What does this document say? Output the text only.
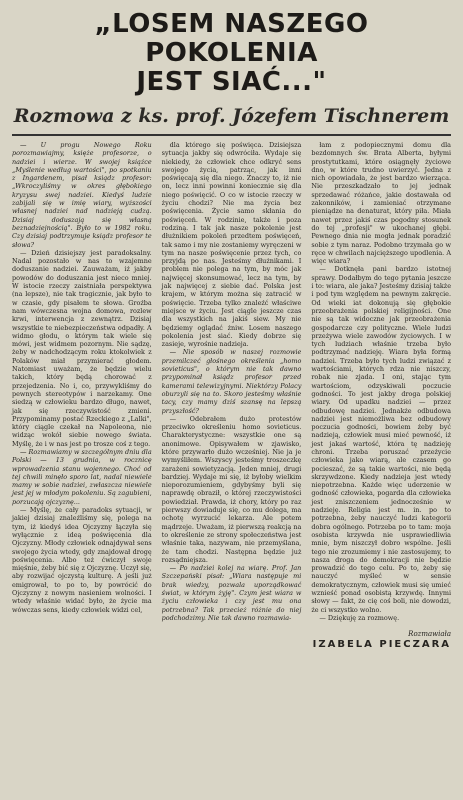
„LOSEM NASZEGO POKOLENIA
JEST SIAĆ..."
Rozmowa z ks. prof. Józefem Tischnerem

— U progu Nowego Roku porozmawiajmy, księże profesorze, o nadziei i wierze. W swojej książce „Myślenie według wartości", po spotkaniu z Ingardenem, pisał ksiądz profesor: „Wkroczyliśmy w okres głębokiego kryzysu swej nadziei. Kiedyś ludzie zabijali się w imię wiary, wyższości własnej nadziei nad nadzieją cudzą. Dzisiaj doduszają się własną beznadziejnością". Było to w 1982 roku. Czy dzisiaj podtrzymuje ksiądz profesor te słowa?

— Dzień dzisiejszy jest paradoksalny. Nadal pozostało w nas to wzajemne doduszanie nadziei. Zauważam, iż jakby powodów do doduszania jest nieco mniej. W istocie rzeczy zaistniała perspektywa (na lepsze), nie tak tragicznie, jak było to w czasie, gdy pisałem te słowa. Groźba nam wówczesna wojna domowa, rozlew krwi, interwencja z zewnątrz. Dzisiaj wszystkie te niebezpieczeństwa odpadły. A widmo głodu, o którym tak wiele się mówi, jest widmem pozornym. Nie sądzę, żeby w nadchodzącym roku ktokolwiek z Polaków miał przymierać głodem. Natomiast uważam, że będzie wielu takich, który będą chorować z przejedzenia. No i, co, przywykliśmy do pewnych stereotypów i narzekamy. One siedzą w człowieku bardzo długo, nawet, jak się rzeczywistość zmieni. Przypominamy postać Rzeckiego z „Lalki", który ciągle czekał na Napoleona, nie widząc wokół siebie nowego świata. Myślę, że i w nas jest po trosze coś z tego.

— Rozmawiamy w szczególnym dniu dla Polski — 13 grudnia, w rocznicę wprowadzenia stanu wojennego. Choć od tej chwili minęło sporo lat, nadal niewiele mamy w sobie nadziei, zwłaszcza niewiele jest jej w młodym pokoleniu. Są zagubieni, porzucają ojczyznę...

— Myślę, że cały paradoks sytuacji, w jakiej dzisiaj znaleźliśmy się, polega na tym, iż kiedyś idea Ojczyzny łączyła się wyłącznie z ideą poświęcenia dla Ojczyzny. Młody człowiek odnajdywał sens swojego życia wtedy, gdy znajdował drogę poświęcenia. Albo też ćwiczył swoje mięśnie, żeby bić się z Ojczyznę. Uczył się, aby rozwijać ojczystą kulturę. A jeśli już emigrował, to po to, by powrócić do Ojczyzny z nowym nasieniem wolności. I wtedy właśnie widać było, że życie ma wówczas sens, kiedy człowiek widzi cel,

dla którego się poświęca. Dzisiejsza sytuacja jakby się odwróciła. Wydaje się niekiedy, że człowiek chce odkryć sens swojego życia, patrząc, jak inni poświęcają się dla niego. Znaczy to, iż nie on, lecz inni powinni koniecznie się dla niego poświęcić. O co w istocie rzeczy w życiu chodzi? Nie ma życia bez poświęcenia. Życie samo skłania do poświęceń. W rodzinie, także i poza rodziną. I tak jak nasze pokolenie jest dłużnikiem pokoleń przedtem poświęceń, tak samo i my nie zostaniemy wyręczeni w tym na nasze poświęcenie przez tych, co przyjdą po nas. Jesteśmy dłużnikami. I problem nie polega na tym, by móc jak najwięcej skonsumować, lecz na tym, by jak najwięcej z siebie dać. Polska jest krajem, w którym można się zatracić w poświęcie. Trzeba tylko znaleźć właściwe miejsce w życiu. Jest ciągle jeszcze czas dla wszystkich na jakiś siew. My nie będziemy oglądać żniw. Losem naszego pokolenia jest siać. Kiedy dobrze się zasieje, wyrośnie nadzieja.

— Nie sposób w naszej rozmowie przemilczeć głośnego określenia „homo sovieticus", o którym nie tak dawno przypominał ksiądz profesor przed kamerami telewizyjnymi. Niektórzy Polacy oburzyli się na to. Skoro jesteśmy właśnie tacy, czy mamy dziś szansę na lepszą przyszłość?

— Odebrałem dużo protestów przeciwko określeniu homo sovieticus. Charakterystyczne: wszystkie one są anonimowe. Opisywałem w zjawisko, które przywarło dużo wcześniej. Nie ja je wymyśliłem. Wszyscy jesteśmy troszeczkę zarażeni sowietyzacją. Jeden mniej, drugi bardziej. Wydaje mi się, iż byłoby wielkim nieporozumieniem, gdybyśmy byli się naprawdę obraził, o której rzeczywistości powiedział. Prawda, iż chory, który po raz pierwszy dowiaduje się, co mu dolega, ma ochotę wyrzucić lekarza. Ale potem mądrzeje. Uważam, iż pierwszą reakcją na to określenie ze strony społeczeństwa jest właśnie taka, nazywam, nie przemyślana, że tam chodzi. Następna będzie już rozsądniejsza.

— Po nadziei kolej na wiarę. Prof. Jan Szczepański pisał: „Wiara następuje mi brak wiedzy, pozwala uporządkować świat, w którym żyję". Czym jest wiara w życiu człowieka i czy jest mu ona potrzebna? Tak przecież różnie do niej podchodzimy. Nie tak dawno rozmawia-

łam z podopiecznymi domu dla bezdomnych św. Brata Alberta, byłymi prostytutkami, które osiągnęły życiowe dno, w które trudno uwierzyć. Jedna z nich opowiadała, że jest bardzo wierząca. Nie przeszkadzało to jej jednak sprzedawać różańce, jakie dostawała od zakonników, i zamieniać otrzymane pieniądze na denaturat, który piła. Miała nawet przez jakiś czas pogodny stosunek do tej „profesji" w ukochanej głębi. Pewnego dnia nie mogła jednak poradzić sobie z tym naraz. Podobno trzymała go w ręce w chwilach najcięższego upodlenia. A więc wiara?

— Dotknęła pani bardzo istotnej sprawy. Dodałbym do tego pytania jeszcze i to: wiara, ale jaka? Jesteśmy dzisiaj także i pod tym względem na pewnym zakręcie. Od wieki iat dokonują się głębokie przeobrażenia polskiej religijności. One nie są tak widoczne jak przeobrażenia gospodarcze czy polityczne. Wiele ludzi przeżywa wiele zawodów życiowych. I w tych ludziach właśnie trzeba było podtrzymać nadzieję. Wiara była formą nadziei. Trzeba było tych ludzi związać z wartościami, których rdza nie niszczy, robak nie zjada. I oni, stając tym wartościom, odzyskiwali poczucie godności. To jest jakby droga polskiej wiary. Od upadku nadziei — przez odbudowę nadziei. Jednakże odbudowa nadziei jest niemożliwa bez odbudowy poczucia godności, bowiem żeby być nadzieją, człowiek musi mieć pewność, iż jest jakaś wartość, która tę nadzieję chroni. Trzeba poruszać przeżycie człowieka jako wiarą, ale czasem go pocieszać, że są takie wartości, nie będą skrzywdzone. Kiedy nadzieja jest wtedy niepotrzebna. Każde więc uderzenie w godność człowieka, pogarda dla człowieka jest zniszczeniem jednocześnie w nadzieję. Religia jest m. in. po to potrzebna, żeby nauczyć ludzi kategorii dobra ogólnego. Potrzeba po to tam: moja osobista krzywda nie usprawiedliwia mnie, bym niszczył dobro wspólne. Jeśli tego nie zrozumiemy i nie zastosujemy, to nasza droga do demokracji nie będzie prowadzić do tego celu. Po to, żeby się nauczyć myśleć w sensie demokratycznym, człowiek musi się umieć wznieść ponad osobistą krzywdę. Innymi słowy — fakt, że cię coś boli, nie dowodzi, że ci wszystko wolno.

— Dziękuję za rozmowę.

Rozmawiała
IZABELA PIECZARA
